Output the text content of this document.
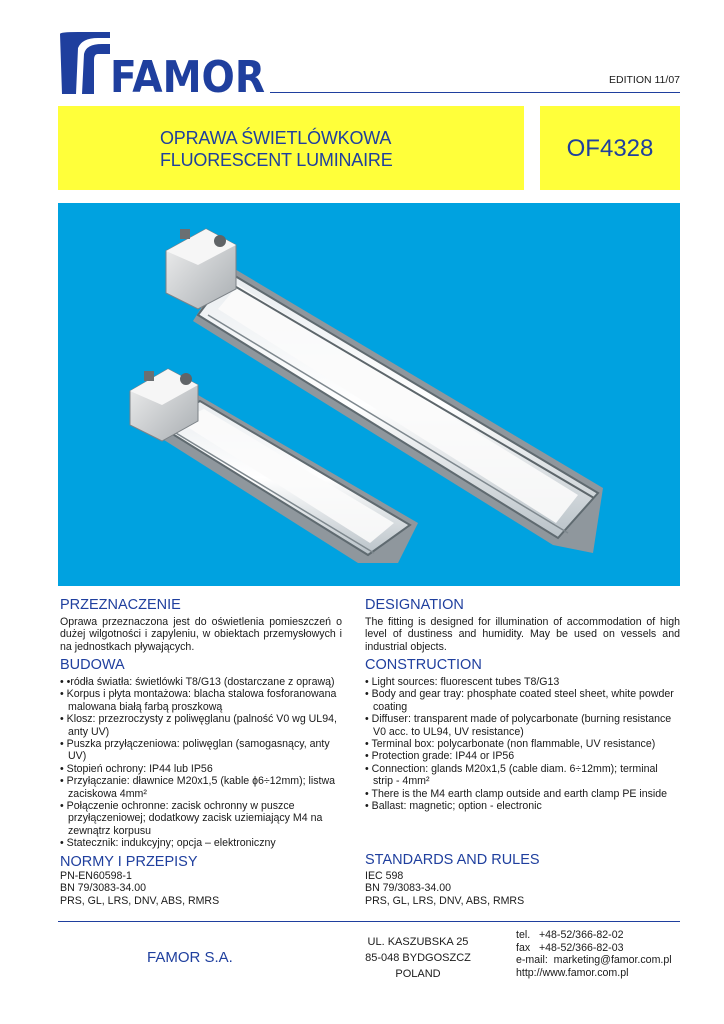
FAMOR	EDITION 11/07
OPRAWA ŚWIETLÓWKOWA
FLUORESCENT LUMINAIRE	OF4328
PRZEZNACZENIE
Oprawa przeznaczona jest do oświetlenia pomieszczeń o dużej wilgotności i zapyleniu, w obiektach przemysłowych i na jednostkach pływających.
BUDOWA
• •ródła światła: świetlówki T8/G13 (dostarczane z oprawą)
• Korpus i płyta montażowa: blacha stalowa fosforanowana malowana białą farbą proszkową
• Klosz: przezroczysty z poliwęglanu (palność V0 wg UL94, anty UV)
• Puszka przyłączeniowa: poliwęglan (samogasnący, anty UV)
• Stopień ochrony: IP44 lub IP56
• Przyłączanie: dławnice M20x1,5 (kable ɸ6÷12mm); listwa zaciskowa 4mm²
• Połączenie ochronne: zacisk ochronny w puszce przyłączeniowej; dodatkowy zacisk uziemiający M4 na zewnątrz korpusu
• Statecznik: indukcyjny; opcja – elektroniczny
NORMY I PRZEPISY
PN-EN60598-1
BN 79/3083-34.00
PRS, GL, LRS, DNV, ABS, RMRS
DESIGNATION
The fitting is designed for illumination of accommodation of high level of dustiness and humidity. May be used on vessels and industrial objects.
CONSTRUCTION
• Light sources: fluorescent tubes T8/G13
• Body and gear tray: phosphate coated steel sheet, white powder coating
• Diffuser: transparent made of polycarbonate (burning resistance V0 acc. to UL94, UV resistance)
• Terminal box: polycarbonate (non flammable, UV resistance)
• Protection grade: IP44 or IP56
• Connection: glands M20x1,5 (cable diam. 6÷12mm); terminal strip - 4mm²
• There is the M4 earth clamp outside and earth clamp PE inside
• Ballast: magnetic; option - electronic
STANDARDS AND RULES
IEC 598
BN 79/3083-34.00
PRS, GL, LRS, DNV, ABS, RMRS
FAMOR S.A.
UL. KASZUBSKA 25
85-048 BYDGOSZCZ
POLAND
tel.   +48-52/366-82-02
fax   +48-52/366-82-03
e-mail:  marketing@famor.com.pl
http://www.famor.com.pl
